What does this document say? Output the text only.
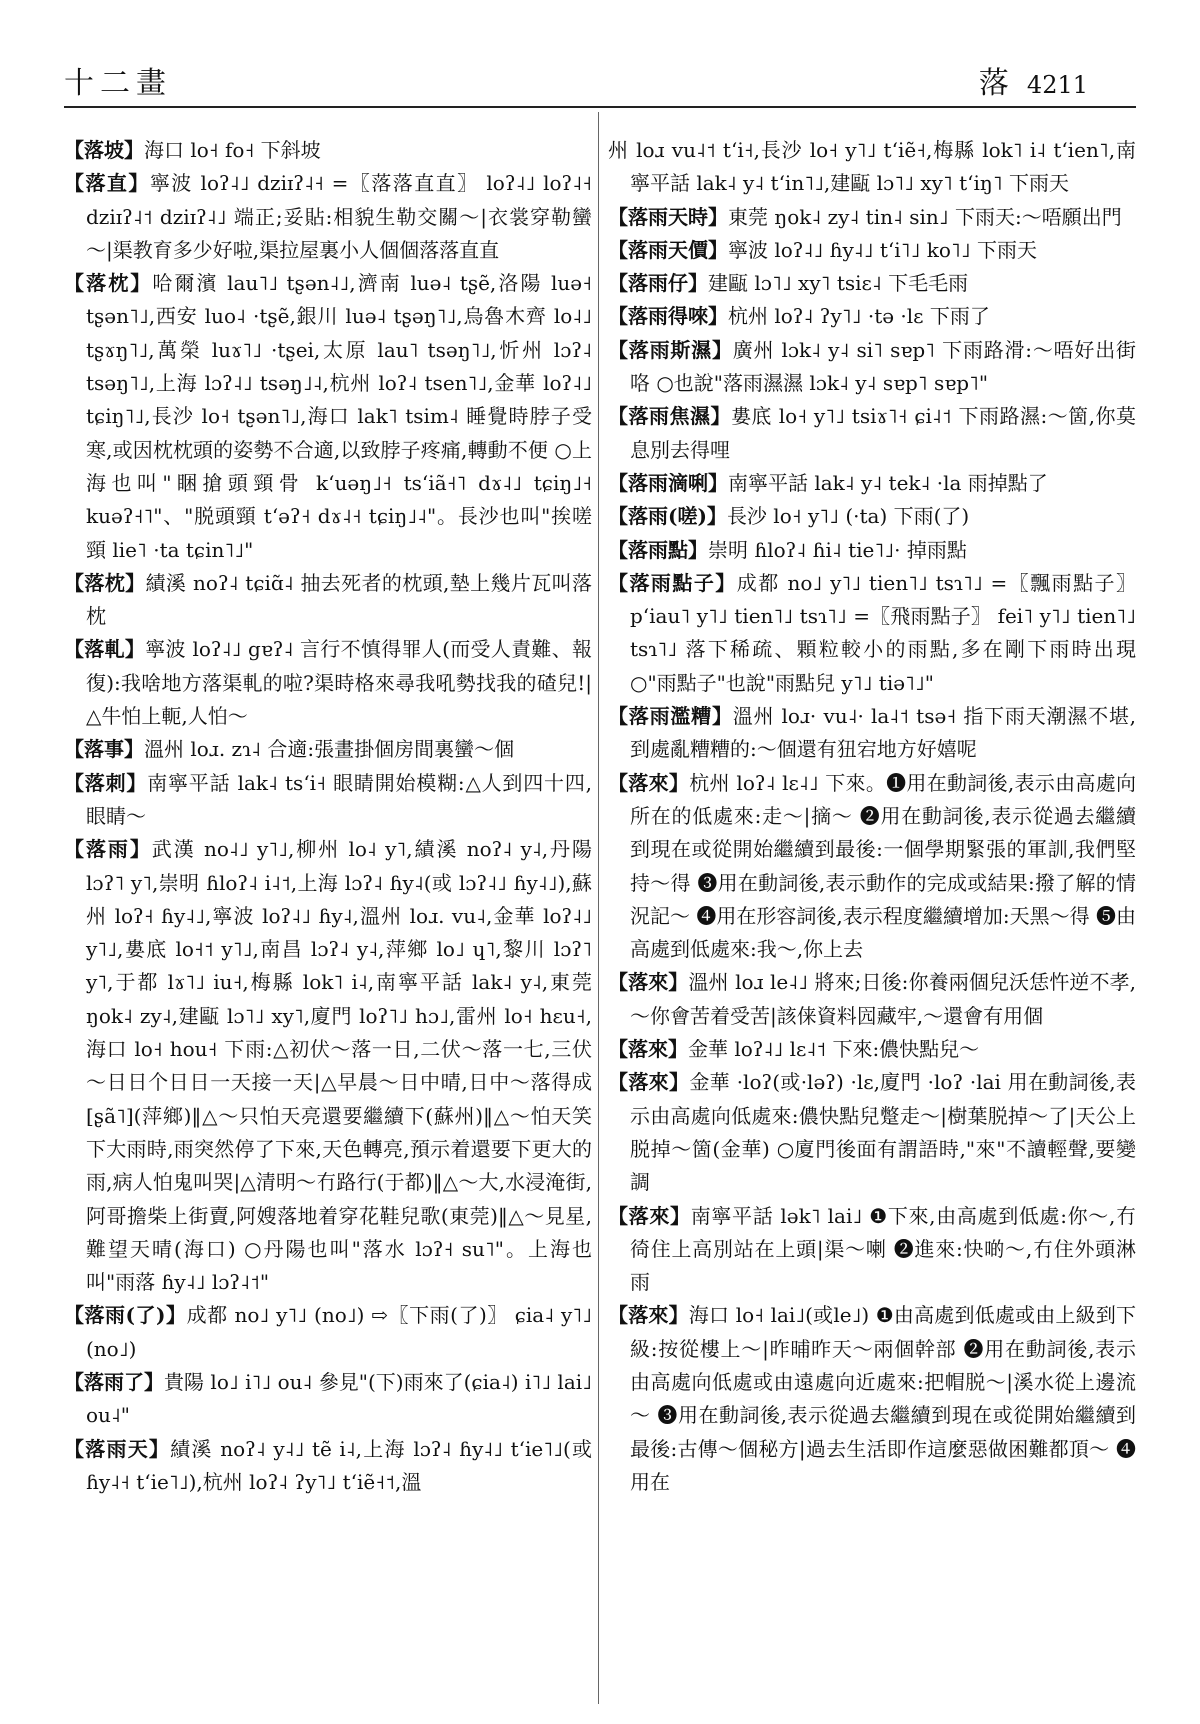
十二畫	落 4211

【落坡】海口 lo˧ fo˧ 下斜坡

【落直】寧波 loʔ˨˩ dziɪʔ˨˧ =〖落落直直〗 loʔ˨˩ loʔ˨˧ dziɪʔ˨˦ dziɪʔ˨˩ 端正;妥貼:相貌生勒交關～|衣裳穿勒蠻～|渠教育多少好啦,渠拉屋裏小人個個落落直直

【落枕】哈爾濱 lau˥˩ tʂən˨˩,濟南 luə˨ tʂẽ,洛陽 luə˧ tʂən˥˩,西安 luo˨ ·tʂẽ,銀川 luə˨ tʂəŋ˥˩,烏魯木齊 lo˨˩ tʂɤŋ˥˩,萬榮 luɤ˥˩ ·tʂei,太原 lau˥ tsəŋ˥˩,忻州 lɔʔ˨ tsəŋ˥˩,上海 lɔʔ˨˩ tsəŋ˩˨,杭州 loʔ˨ tsen˥˩,金華 loʔ˨˩ tɕiŋ˥˩,長沙 lo˧ tʂən˥˩,海口 lak˥ tsim˨ 睡覺時脖子受寒,或因枕枕頭的姿勢不合適,以致脖子疼痛,轉動不便 ○上海也叫"睏搶頭頸骨 kʻuəŋ˩˧ tsʻiã˧˥ dɤ˨˩ tɕiŋ˩˧ kuəʔ˧˥"、"脱頭頸 tʻəʔ˧ dɤ˨˧ tɕiŋ˩˨"。長沙也叫"挨嗟頸 lie˥ ·ta tɕin˥˩"

【落枕】績溪 noʔ˨ tɕiɑ̃˨ 抽去死者的枕頭,墊上幾片瓦叫落枕

【落軋】寧波 loʔ˨˩ gɐʔ˨ 言行不慎得罪人(而受人責難、報復):我啥地方落渠軋的啦?渠時格來尋我吼勢找我的碴兒!|△牛怕上軛,人怕～

【落事】溫州 loɹ. zɿ˨ 合適:張畫掛個房間裏蠻～個

【落刺】南寧平話 lak˨ tsʻi˧ 眼睛開始模糊:△人到四十四,眼睛～

【落雨】武漢 no˨˩ y˥˩,柳州 lo˨ y˥,績溪 noʔ˨ y˨,丹陽 lɔʔ˥ y˥,崇明 ɦloʔ˨ i˨˦,上海 lɔʔ˨ ɦy˨(或 lɔʔ˨˩ ɦy˨˩),蘇州 loʔ˧ ɦy˨˩,寧波 loʔ˨˩ ɦy˨,溫州 loɹ. vu˨,金華 loʔ˨˩ y˥˩,婁底 lo˧˦ y˥˩,南昌 lɔʔ˨ y˨,萍鄉 lo˩ ɥ˥,黎川 lɔʔ˥ y˥,于都 lɤ˥˩ iu˧,梅縣 lok˥ i˨,南寧平話 lak˨ y˨,東莞 ŋok˨ zy˨,建甌 lɔ˥˩ xy˥,廈門 loʔ˥˩ hɔ˩,雷州 lo˧ hɛu˧,海口 lo˧ hou˧ 下雨:△初伏～落一日,二伏～落一七,三伏～日日个日日一天接一天|△早晨～日中晴,日中～落得成[ʂã˥](萍鄉)‖△～只怕天亮還要繼續下(蘇州)‖△～怕天笑下大雨時,雨突然停了下來,天色轉亮,預示着還要下更大的雨,病人怕鬼叫哭|△清明～冇路行(于都)‖△～大,水浸淹街,阿哥擔柴上街賣,阿嫂落地着穿花鞋兒歌(東莞)‖△～見星,難望天晴(海口) ○丹陽也叫"落水 lɔʔ˧ su˥"。上海也叫"雨落 ɦy˨˩ lɔʔ˨˦"

【落雨(了)】成都 no˩ y˥˩ (no˩) ⇨〖下雨(了)〗 ɕia˨ y˥˩ (no˩)

【落雨了】貴陽 lo˩ i˥˩ ou˨ 參見"(下)雨來了(ɕia˨) i˥˩ lai˩ ou˨"

【落雨天】績溪 noʔ˨ y˨˩ tẽ i˨,上海 lɔʔ˨ ɦy˨˩ tʻie˥˩(或 ɦy˨˧ tʻie˥˩),杭州 loʔ˨ ʔy˥˩ tʻiẽ˧˦,溫

州 loɹ vu˨˦ tʻi˧,長沙 lo˧ y˥˩ tʻiẽ˧,梅縣 lok˥ i˨ tʻien˥,南寧平話 lak˨ y˨ tʻin˥˩,建甌 lɔ˥˩ xy˥ tʻiŋ˥ 下雨天

【落雨天時】東莞 ŋok˨ zy˨ tin˨ sin˩ 下雨天:～唔願出門

【落雨天價】寧波 loʔ˨˩ ɦy˨˩ tʻi˥˩ ko˥˩ 下雨天

【落雨仔】建甌 lɔ˥˩ xy˥ tsiɛ˨ 下毛毛雨

【落雨得唻】杭州 loʔ˨ ʔy˥˩ ·tə ·lɛ 下雨了

【落雨斯濕】廣州 lɔk˨ y˨ si˥ sɐp˥ 下雨路滑:～唔好出街咯 ○也說"落雨濕濕 lɔk˨ y˨ sɐp˥ sɐp˥"

【落雨焦濕】婁底 lo˧ y˥˩ tsiɤ˥˧ ɕi˨˦ 下雨路濕:～箇,你莫息別去得哩

【落雨滴唎】南寧平話 lak˨ y˨ tek˨ ·la 雨掉點了

【落雨(嗟)】長沙 lo˧ y˥˩ (·ta) 下雨(了)

【落雨點】崇明 ɦloʔ˨ ɦi˨ tie˥˩· 掉雨點

【落雨點子】成都 no˩ y˥˩ tien˥˩ tsɿ˥˩ =〖飄雨點子〗 pʻiau˥ y˥˩ tien˥˩ tsɿ˥˩ =〖飛雨點子〗 fei˥ y˥˩ tien˥˩ tsɿ˥˩ 落下稀疏、顆粒較小的雨點,多在剛下雨時出現 ○"雨點子"也說"雨點兒 y˥˩ tiə˥˩"

【落雨濫糟】溫州 loɹ· vu˨· la˨˦ tsə˧ 指下雨天潮濕不堪,到處亂糟糟的:～個還有狃宕地方好嬉呢

【落來】杭州 loʔ˨ lɛ˨˩ 下來。❶用在動詞後,表示由高處向所在的低處來:走～|摘～ ❷用在動詞後,表示從過去繼續到現在或從開始繼續到最後:一個學期緊張的軍訓,我們堅持～得 ❸用在動詞後,表示動作的完成或結果:撥了解的情況記～ ❹用在形容詞後,表示程度繼續增加:天黑～得 ❺由高處到低處來:我～,你上去

【落來】溫州 loɹ le˨˩ 將來;日後:你養兩個兒沃恁忤逆不孝,～你會苦着受苦|該俫資料囥藏牢,～還會有用個

【落來】金華 loʔ˨˩ lɛ˨˦ 下來:儂快點兒～

【落來】金華 ·loʔ(或·ləʔ) ·lɛ,廈門 ·loʔ ·lai 用在動詞後,表示由高處向低處來:儂快點兒蹩走～|樹葉脱掉～了|天公上脱掉～箇(金華) ○廈門後面有謂語時,"來"不讀輕聲,要變調

【落來】南寧平話 lək˥ lai˩ ❶下來,由高處到低處:你～,冇徛住上高別站在上頭|渠～喇 ❷進來:快啲～,冇住外頭淋雨

【落來】海口 lo˧ lai˩(或le˩) ❶由高處到低處或由上級到下級:按從樓上～|昨晡昨天～兩個幹部 ❷用在動詞後,表示由高處向低處或由遠處向近處來:把帽脱～|溪水從上邊流～ ❸用在動詞後,表示從過去繼續到現在或從開始繼續到最後:古傳～個秘方|過去生活即作這麼惡做困難都頂～ ❹用在
